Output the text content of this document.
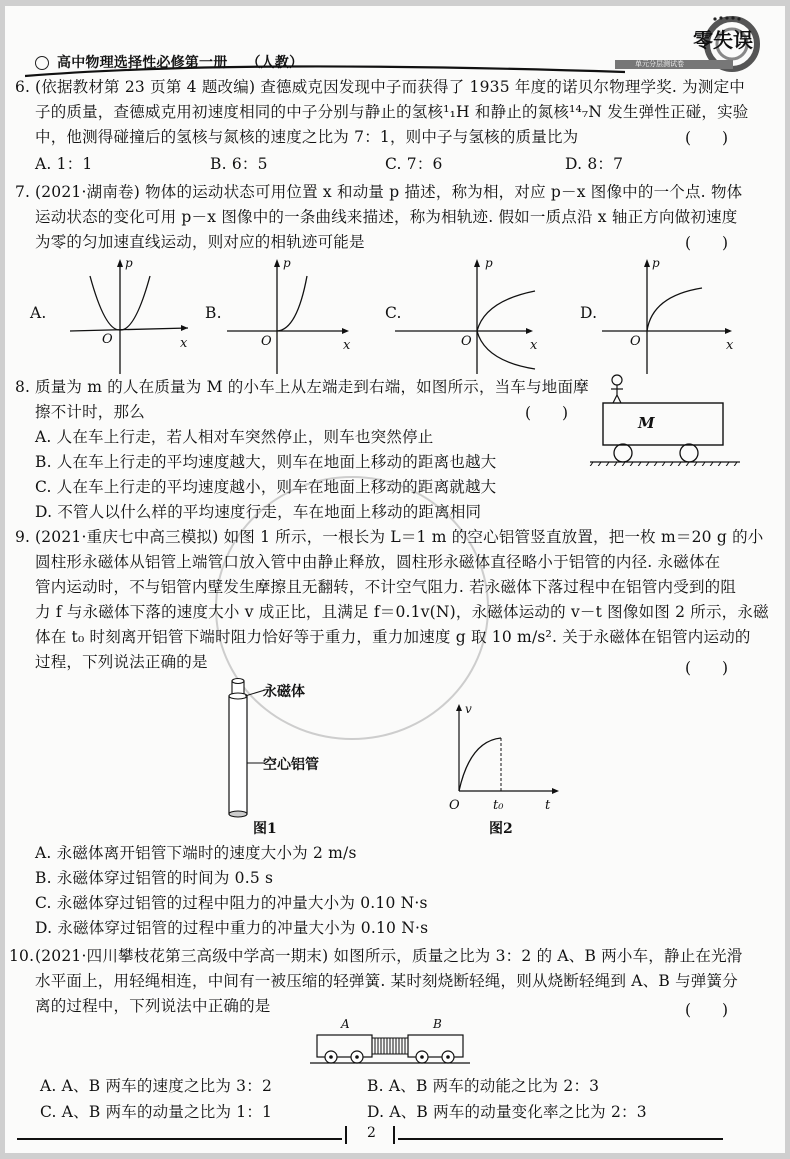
高中物理选择性必修第一册 （人教）
零失误
单元分层测试卷
6. (依据教材第 23 页第 4 题改编) 查德威克因发现中子而获得了 1935 年度的诺贝尔物理学奖. 为测定中
子的质量，查德威克用初速度相同的中子分别与静止的氢核¹₁H 和静止的氮核¹⁴₇N 发生弹性正碰，实验
中，他测得碰撞后的氢核与氮核的速度之比为 7：1，则中子与氢核的质量比为	(　　)
A. 1：1	B. 6：5	C. 7：6	D. 8：7
7. (2021·湖南卷) 物体的运动状态可用位置 x 和动量 p 描述，称为相，对应 p－x 图像中的一个点. 物体
运动状态的变化可用 p－x 图像中的一条曲线来描述，称为相轨迹. 假如一质点沿 x 轴正方向做初速度
为零的匀加速直线运动，则对应的相轨迹可能是	(　　)
A.
p
O	x
B.
p
O	x
C.
p
O	x
D.
p
O	x
8. 质量为 m 的人在质量为 M 的小车上从左端走到右端，如图所示，当车与地面摩
擦不计时，那么	(　　)
A. 人在车上行走，若人相对车突然停止，则车也突然停止
B. 人在车上行走的平均速度越大，则车在地面上移动的距离也越大
C. 人在车上行走的平均速度越小，则车在地面上移动的距离就越大
D. 不管人以什么样的平均速度行走，车在地面上移动的距离相同
M
9. (2021·重庆七中高三模拟) 如图 1 所示，一根长为 L＝1 m 的空心铝管竖直放置，把一枚 m＝20 g 的小
圆柱形永磁体从铝管上端管口放入管中由静止释放，圆柱形永磁体直径略小于铝管的内径. 永磁体在
管内运动时，不与铝管内壁发生摩擦且无翻转，不计空气阻力. 若永磁体下落过程中在铝管内受到的阻
力 f 与永磁体下落的速度大小 v 成正比，且满足 f＝0.1v(N)，永磁体运动的 v－t 图像如图 2 所示，永磁
体在 t₀ 时刻离开铝管下端时阻力恰好等于重力，重力加速度 g 取 10 m/s². 关于永磁体在铝管内运动的
过程，下列说法正确的是	(　　)
永磁体
空心铝管
图1
v
O	t₀	t
图2
A. 永磁体离开铝管下端时的速度大小为 2 m/s
B. 永磁体穿过铝管的时间为 0.5 s
C. 永磁体穿过铝管的过程中阻力的冲量大小为 0.10 N·s
D. 永磁体穿过铝管的过程中重力的冲量大小为 0.10 N·s
10. (2021·四川攀枝花第三高级中学高一期末) 如图所示，质量之比为 3：2 的 A、B 两小车，静止在光滑
水平面上，用轻绳相连，中间有一被压缩的轻弹簧. 某时刻烧断轻绳，则从烧断轻绳到 A、B 与弹簧分
离的过程中，下列说法中正确的是	(　　)
A	B
A. A、B 两车的速度之比为 3：2	B. A、B 两车的动能之比为 2：3
C. A、B 两车的动量之比为 1：1	D. A、B 两车的动量变化率之比为 2：3
2
